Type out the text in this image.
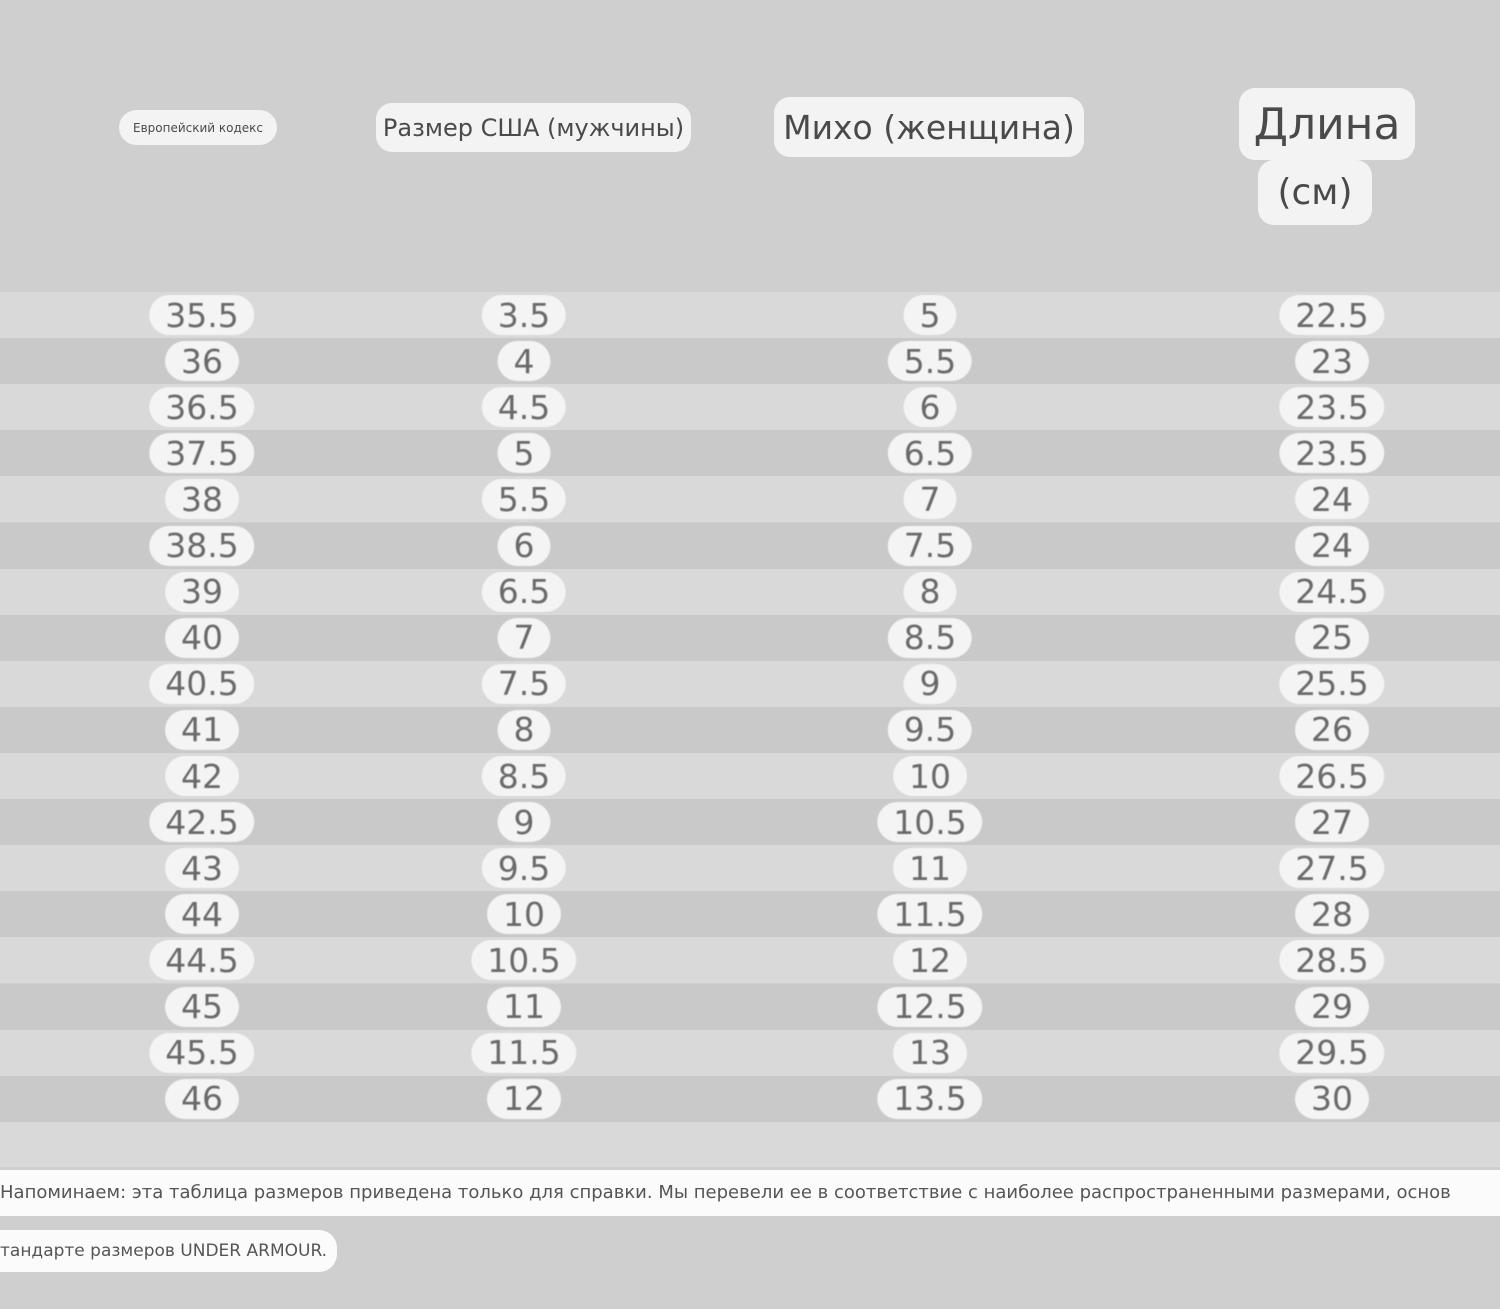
Европейский кодекс	Размер США (мужчины)	Михо (женщина)	Длина
(см)
35.5	3.5	5	22.5
36	4	5.5	23
36.5	4.5	6	23.5
37.5	5	6.5	23.5
38	5.5	7	24
38.5	6	7.5	24
39	6.5	8	24.5
40	7	8.5	25
40.5	7.5	9	25.5
41	8	9.5	26
42	8.5	10	26.5
42.5	9	10.5	27
43	9.5	11	27.5
44	10	11.5	28
44.5	10.5	12	28.5
45	11	12.5	29
45.5	11.5	13	29.5
46	12	13.5	30
Напоминаем: эта таблица размеров приведена только для справки. Мы перевели ее в соответствие с наиболее распространенными размерами, основ
тандарте размеров UNDER ARMOUR.
